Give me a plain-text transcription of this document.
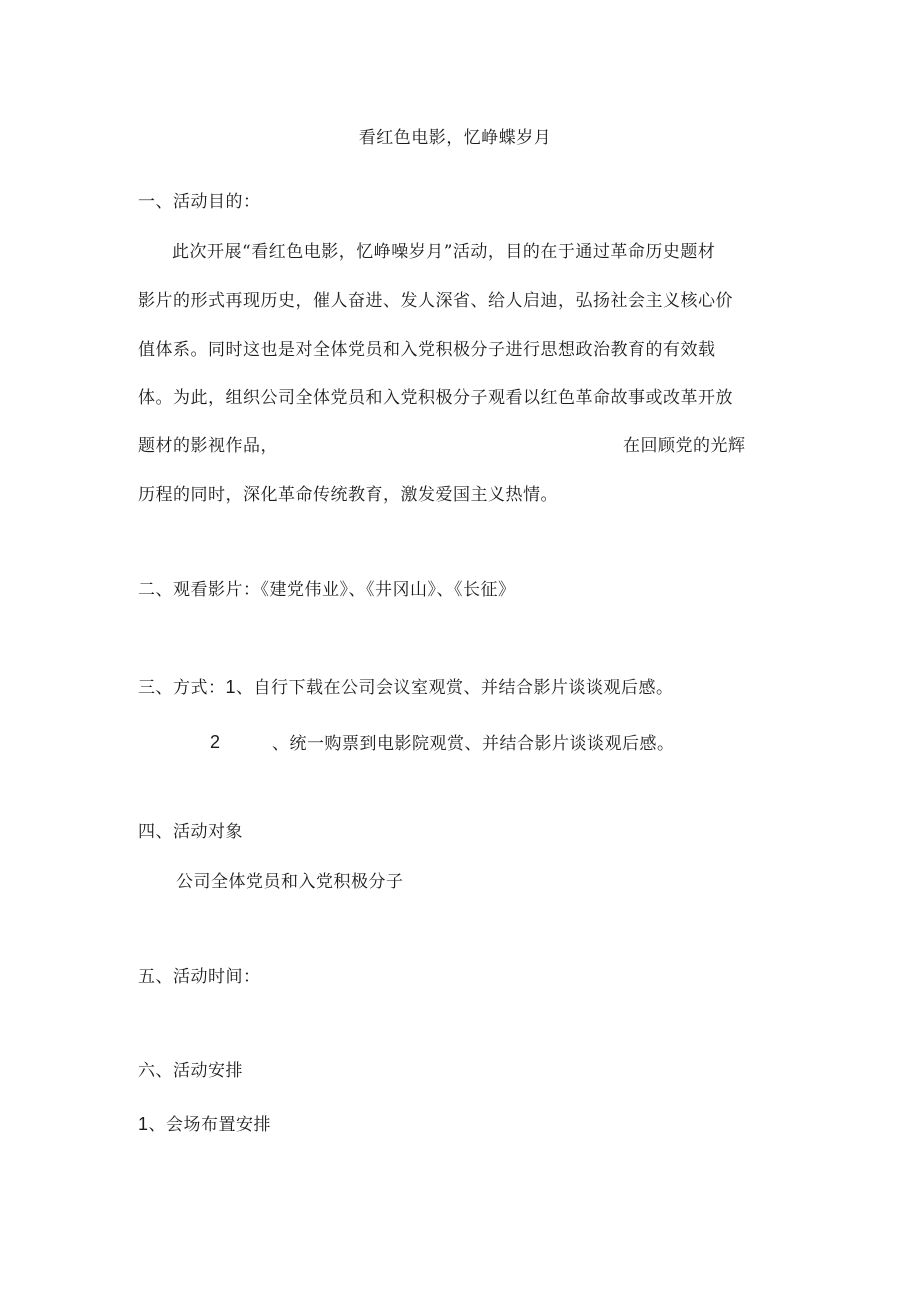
看红色电影，忆峥蝶岁月
一、活动目的：
此次开展“看红色电影，忆峥噪岁月”活动，目的在于通过革命历史题材
影片的形式再现历史，催人奋进、发人深省、给人启迪，弘扬社会主义核心价
值体系。同时这也是对全体党员和入党积极分子进行思想政治教育的有效载
体。为此，组织公司全体党员和入党积极分子观看以红色革命故事或改革开放
题材的影视作品，	在回顾党的光辉
历程的同时，深化革命传统教育，激发爱国主义热情。
二、观看影片：《建党伟业》、《井冈山》、《长征》
三、方式：1、自行下载在公司会议室观赏、并结合影片谈谈观后感。
2	、统一购票到电影院观赏、并结合影片谈谈观后感。
四、活动对象
公司全体党员和入党积极分子
五、活动时间：
六、活动安排
1、会场布置安排
